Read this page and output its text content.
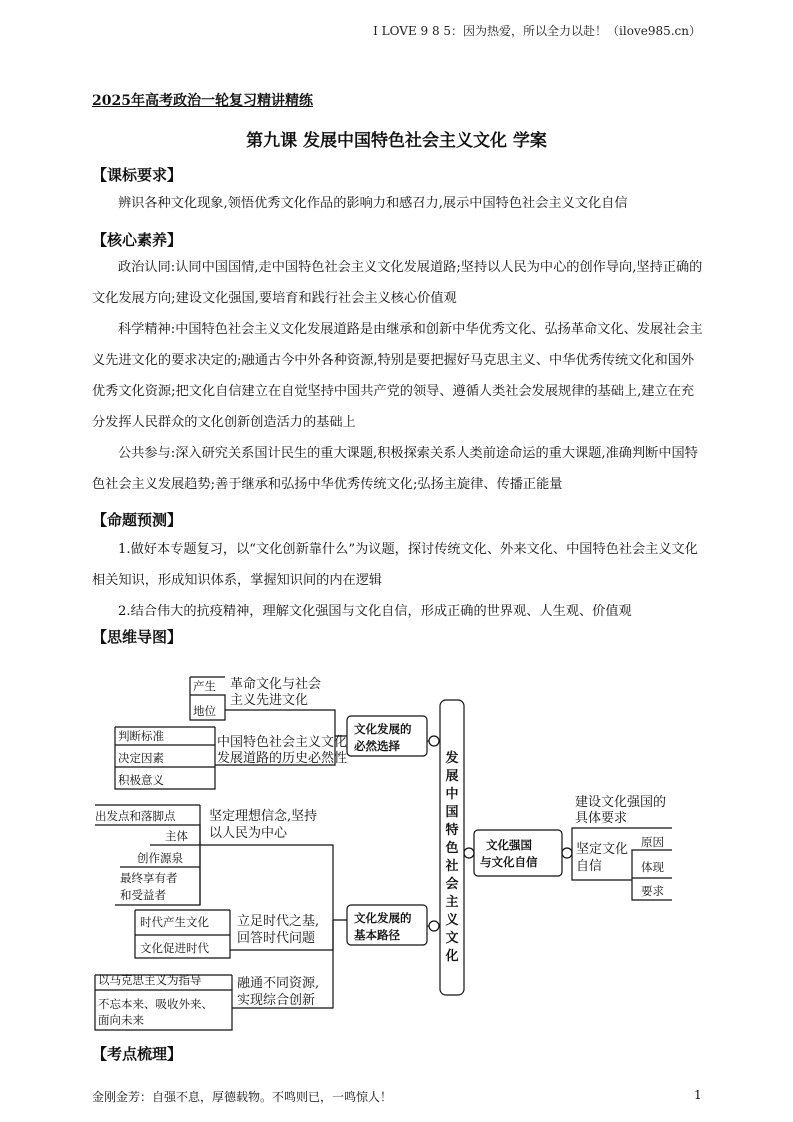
I LOVE 9 8 5：因为热爱，所以全力以赴！（ilove985.cn）
2025年高考政治一轮复习精讲精练
第九课 发展中国特色社会主义文化 学案
【课标要求】
辨识各种文化现象,领悟优秀文化作品的影响力和感召力,展示中国特色社会主义文化自信
【核心素养】
政治认同:认同中国国情,走中国特色社会主义文化发展道路;坚持以人民为中心的创作导向,坚持正确的文化发展方向;建设文化强国,要培育和践行社会主义核心价值观
科学精神:中国特色社会主义文化发展道路是由继承和创新中华优秀文化、弘扬革命文化、发展社会主义先进文化的要求决定的;融通古今中外各种资源,特别是要把握好马克思主义、中华优秀传统文化和国外优秀文化资源;把文化自信建立在自觉坚持中国共产党的领导、遵循人类社会发展规律的基础上,建立在充分发挥人民群众的文化创新创造活力的基础上
公共参与:深入研究关系国计民生的重大课题,积极探索关系人类前途命运的重大课题,准确判断中国特色社会主义发展趋势;善于继承和弘扬中华优秀传统文化;弘扬主旋律、传播正能量
【命题预测】
1.做好本专题复习，以“文化创新靠什么”为议题，探讨传统文化、外来文化、中国特色社会主义文化相关知识，形成知识体系，掌握知识间的内在逻辑
2.结合伟大的抗疫精神，理解文化强国与文化自信，形成正确的世界观、人生观、价值观
【思维导图】
发
展
中
国
特
色
社
会
主
义
文
化
文化发展的
必然选择
文化发展的
基本路径
文化强国
与文化自信
革命文化与社会
主义先进文化
产生
地位
中国特色社会主义文化
发展道路的历史必然性
判断标准
决定因素
积极意义
坚定理想信念,坚持
以人民为中心
出发点和落脚点
主体
创作源泉
最终享有者
和受益者
立足时代之基,
回答时代问题
时代产生文化
文化促进时代
融通不同资源,
实现综合创新
以马克思主义为指导
不忘本来、吸收外来、
面向未来
建设文化强国的
具体要求
坚定文化
自信
原因
体现
要求
【考点梳理】
金刚金芳：自强不息，厚德载物。不鸣则已，一鸣惊人！	1
